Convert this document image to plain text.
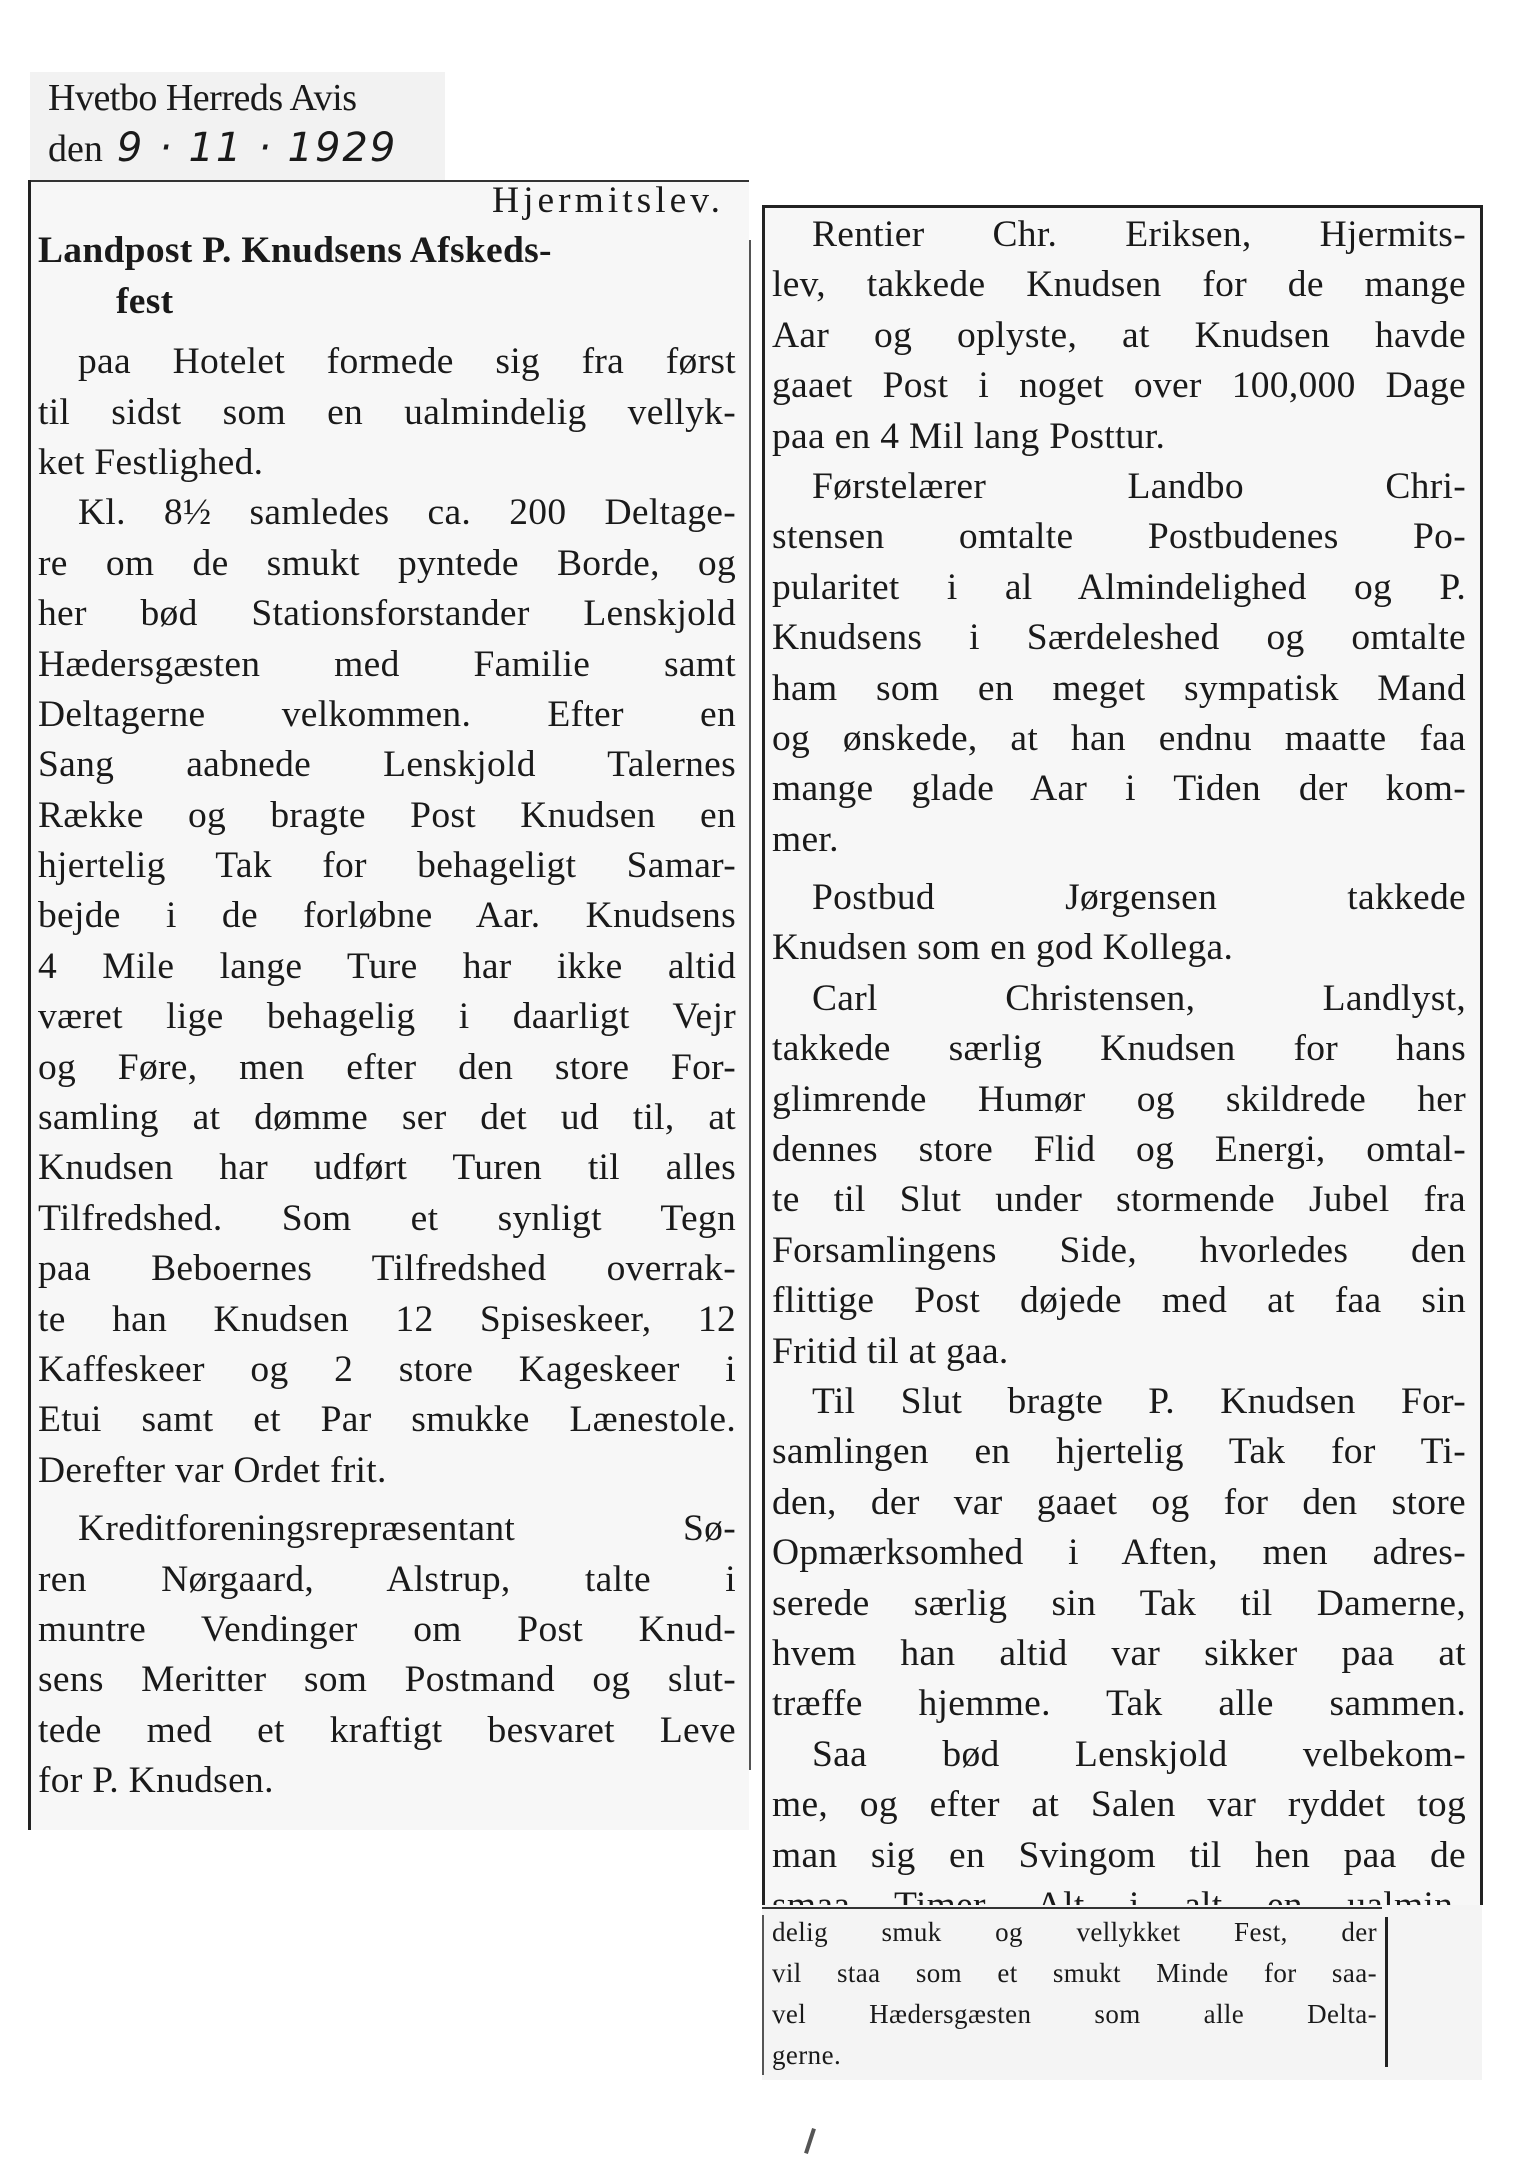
Hvetbo Herreds Avis
den 9 · 11 · 1929
Hjermitslev.
Landpost P. Knudsens Afskeds-
fest
paa Hotelet formede sig fra først
til sidst som en ualmindelig vellyk-
ket Festlighed.
Kl. 8½ samledes ca. 200 Deltage-
re om de smukt pyntede Borde, og
her bød Stationsforstander Lenskjold
Hædersgæsten med Familie samt
Deltagerne velkommen. Efter en
Sang aabnede Lenskjold Talernes
Række og bragte Post Knudsen en
hjertelig Tak for behageligt Samar-
bejde i de forløbne Aar. Knudsens
4 Mile lange Ture har ikke altid
været lige behagelig i daarligt Vejr
og Føre, men efter den store For-
samling at dømme ser det ud til, at
Knudsen har udført Turen til alles
Tilfredshed. Som et synligt Tegn
paa Beboernes Tilfredshed overrak-
te han Knudsen 12 Spiseskeer, 12
Kaffeskeer og 2 store Kageskeer i
Etui samt et Par smukke Lænestole.
Derefter var Ordet frit.
Kreditforeningsrepræsentant Sø-
ren Nørgaard, Alstrup, talte i
muntre Vendinger om Post Knud-
sens Meritter som Postmand og slut-
tede med et kraftigt besvaret Leve
for P. Knudsen.
Rentier Chr. Eriksen, Hjermits-
lev, takkede Knudsen for de mange
Aar og oplyste, at Knudsen havde
gaaet Post i noget over 100,000 Dage
paa en 4 Mil lang Posttur.
Førstelærer Landbo Chri-
stensen omtalte Postbudenes Po-
pularitet i al Almindelighed og P.
Knudsens i Særdeleshed og omtalte
ham som en meget sympatisk Mand
og ønskede, at han endnu maatte faa
mange glade Aar i Tiden der kom-
mer.
Postbud Jørgensen takkede
Knudsen som en god Kollega.
Carl Christensen, Landlyst,
takkede særlig Knudsen for hans
glimrende Humør og skildrede her
dennes store Flid og Energi, omtal-
te til Slut under stormende Jubel fra
Forsamlingens Side, hvorledes den
flittige Post døjede med at faa sin
Fritid til at gaa.
Til Slut bragte P. Knudsen For-
samlingen en hjertelig Tak for Ti-
den, der var gaaet og for den store
Opmærksomhed i Aften, men adres-
serede særlig sin Tak til Damerne,
hvem han altid var sikker paa at
træffe hjemme. Tak alle sammen.
Saa bød Lenskjold velbekom-
me, og efter at Salen var ryddet tog
man sig en Svingom til hen paa de
delig smuk og vellykket Fest, der
vil staa som et smukt Minde for saa-
vel Hædersgæsten som alle Delta-
gerne.
